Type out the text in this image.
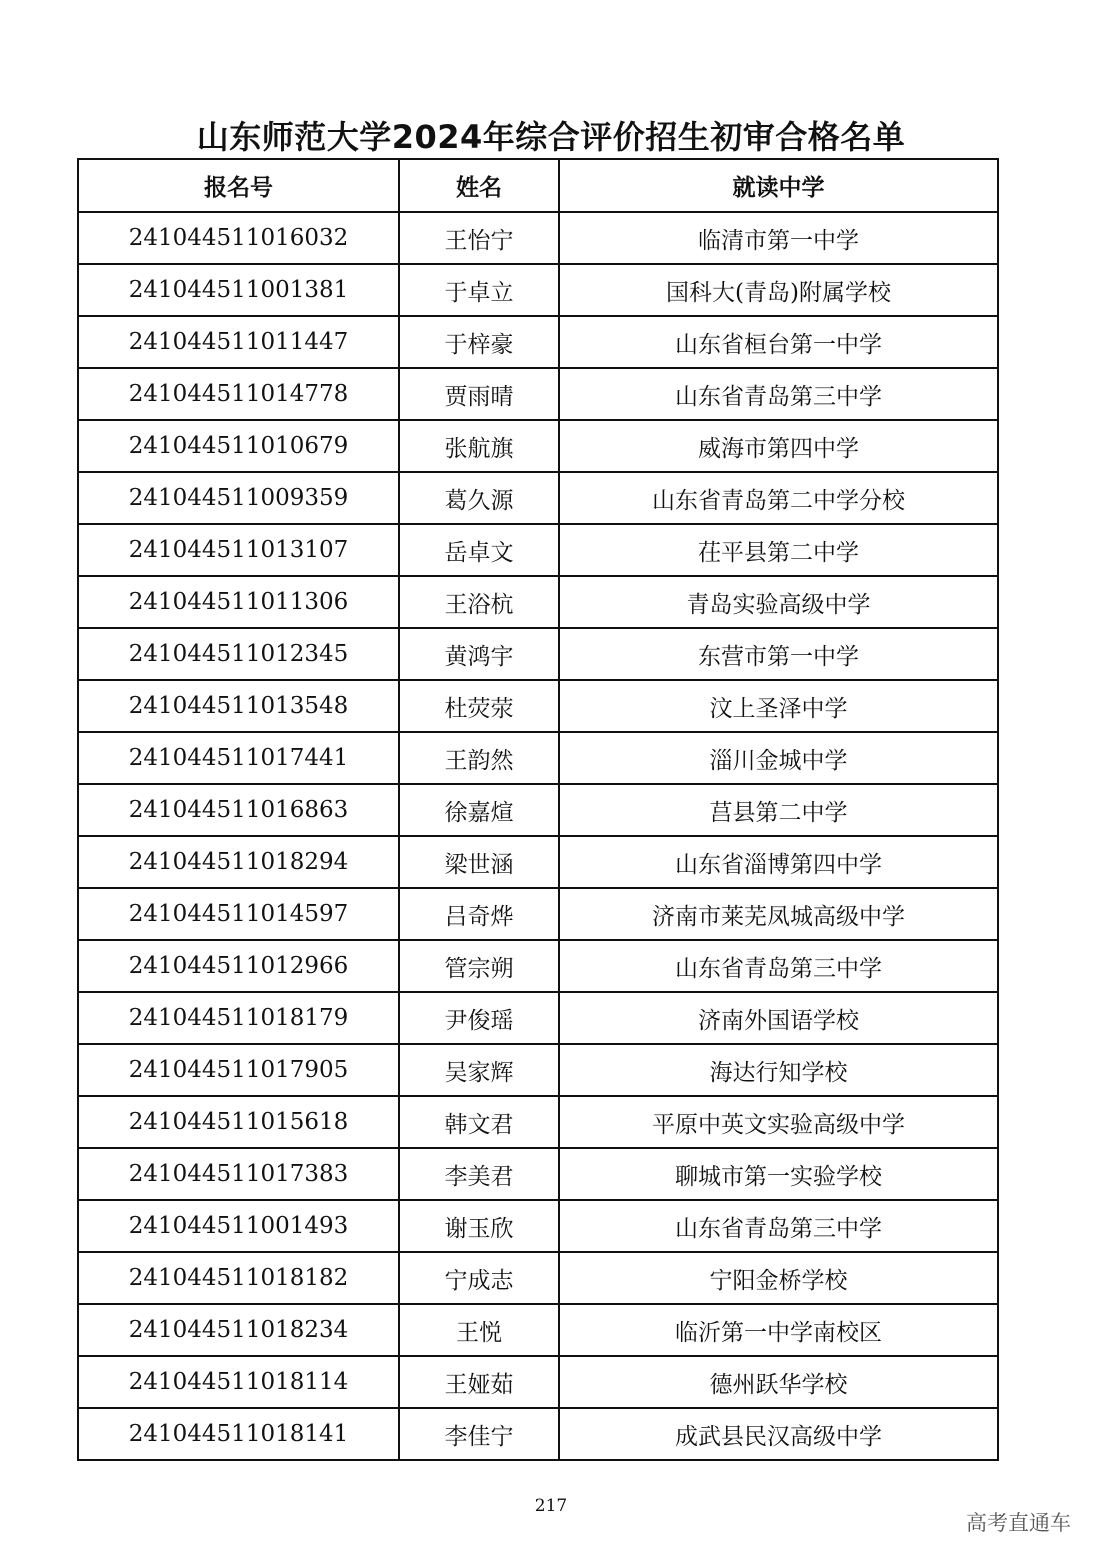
山东师范大学2024年综合评价招生初审合格名单
报名号	姓名	就读中学
241044511016032	王怡宁	临清市第一中学
241044511001381	于卓立	国科大(青岛)附属学校
241044511011447	于梓豪	山东省桓台第一中学
241044511014778	贾雨晴	山东省青岛第三中学
241044511010679	张航旗	威海市第四中学
241044511009359	葛久源	山东省青岛第二中学分校
241044511013107	岳卓文	茌平县第二中学
241044511011306	王浴杭	青岛实验高级中学
241044511012345	黄鸿宇	东营市第一中学
241044511013548	杜荧荥	汶上圣泽中学
241044511017441	王韵然	淄川金城中学
241044511016863	徐嘉煊	莒县第二中学
241044511018294	梁世涵	山东省淄博第四中学
241044511014597	吕奇烨	济南市莱芜凤城高级中学
241044511012966	管宗朔	山东省青岛第三中学
241044511018179	尹俊瑶	济南外国语学校
241044511017905	吴家辉	海达行知学校
241044511015618	韩文君	平原中英文实验高级中学
241044511017383	李美君	聊城市第一实验学校
241044511001493	谢玉欣	山东省青岛第三中学
241044511018182	宁成志	宁阳金桥学校
241044511018234	王悦	临沂第一中学南校区
241044511018114	王娅茹	德州跃华学校
241044511018141	李佳宁	成武县民汉高级中学
217
高考直通车
